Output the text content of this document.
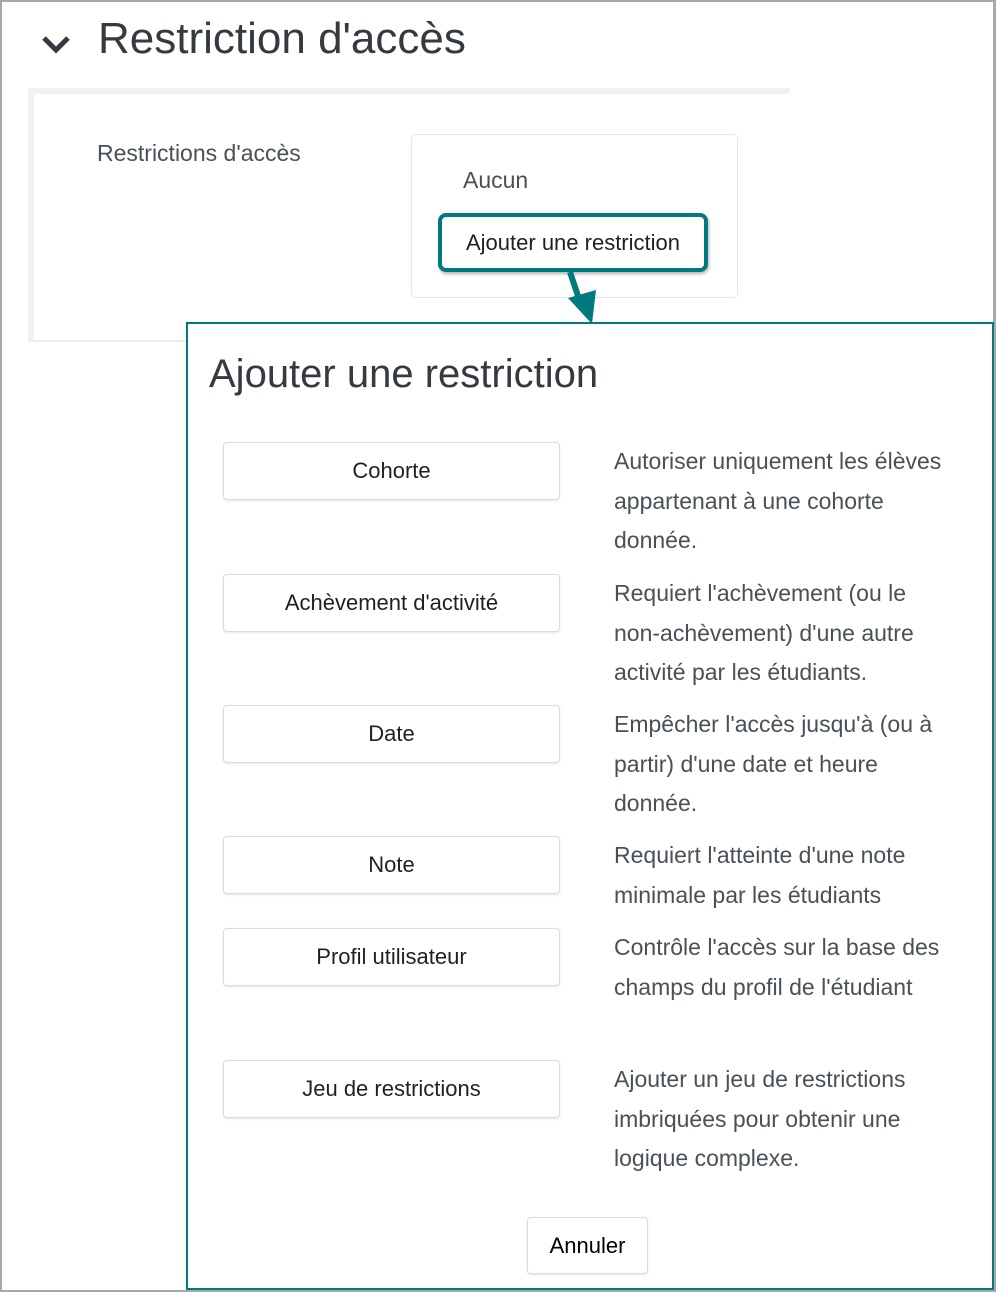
Restriction d'accès
Restrictions d'accès
Aucun
Ajouter une restriction
Ajouter une restriction
Cohorte	Autoriser uniquement les élèves appartenant à une cohorte donnée.
Achèvement d'activité	Requiert l'achèvement (ou le non-achèvement) d'une autre activité par les étudiants.
Date	Empêcher l'accès jusqu'à (ou à partir) d'une date et heure donnée.
Note	Requiert l'atteinte d'une note minimale par les étudiants
Profil utilisateur	Contrôle l'accès sur la base des champs du profil de l'étudiant
Jeu de restrictions	Ajouter un jeu de restrictions imbriquées pour obtenir une logique complexe.
Annuler
